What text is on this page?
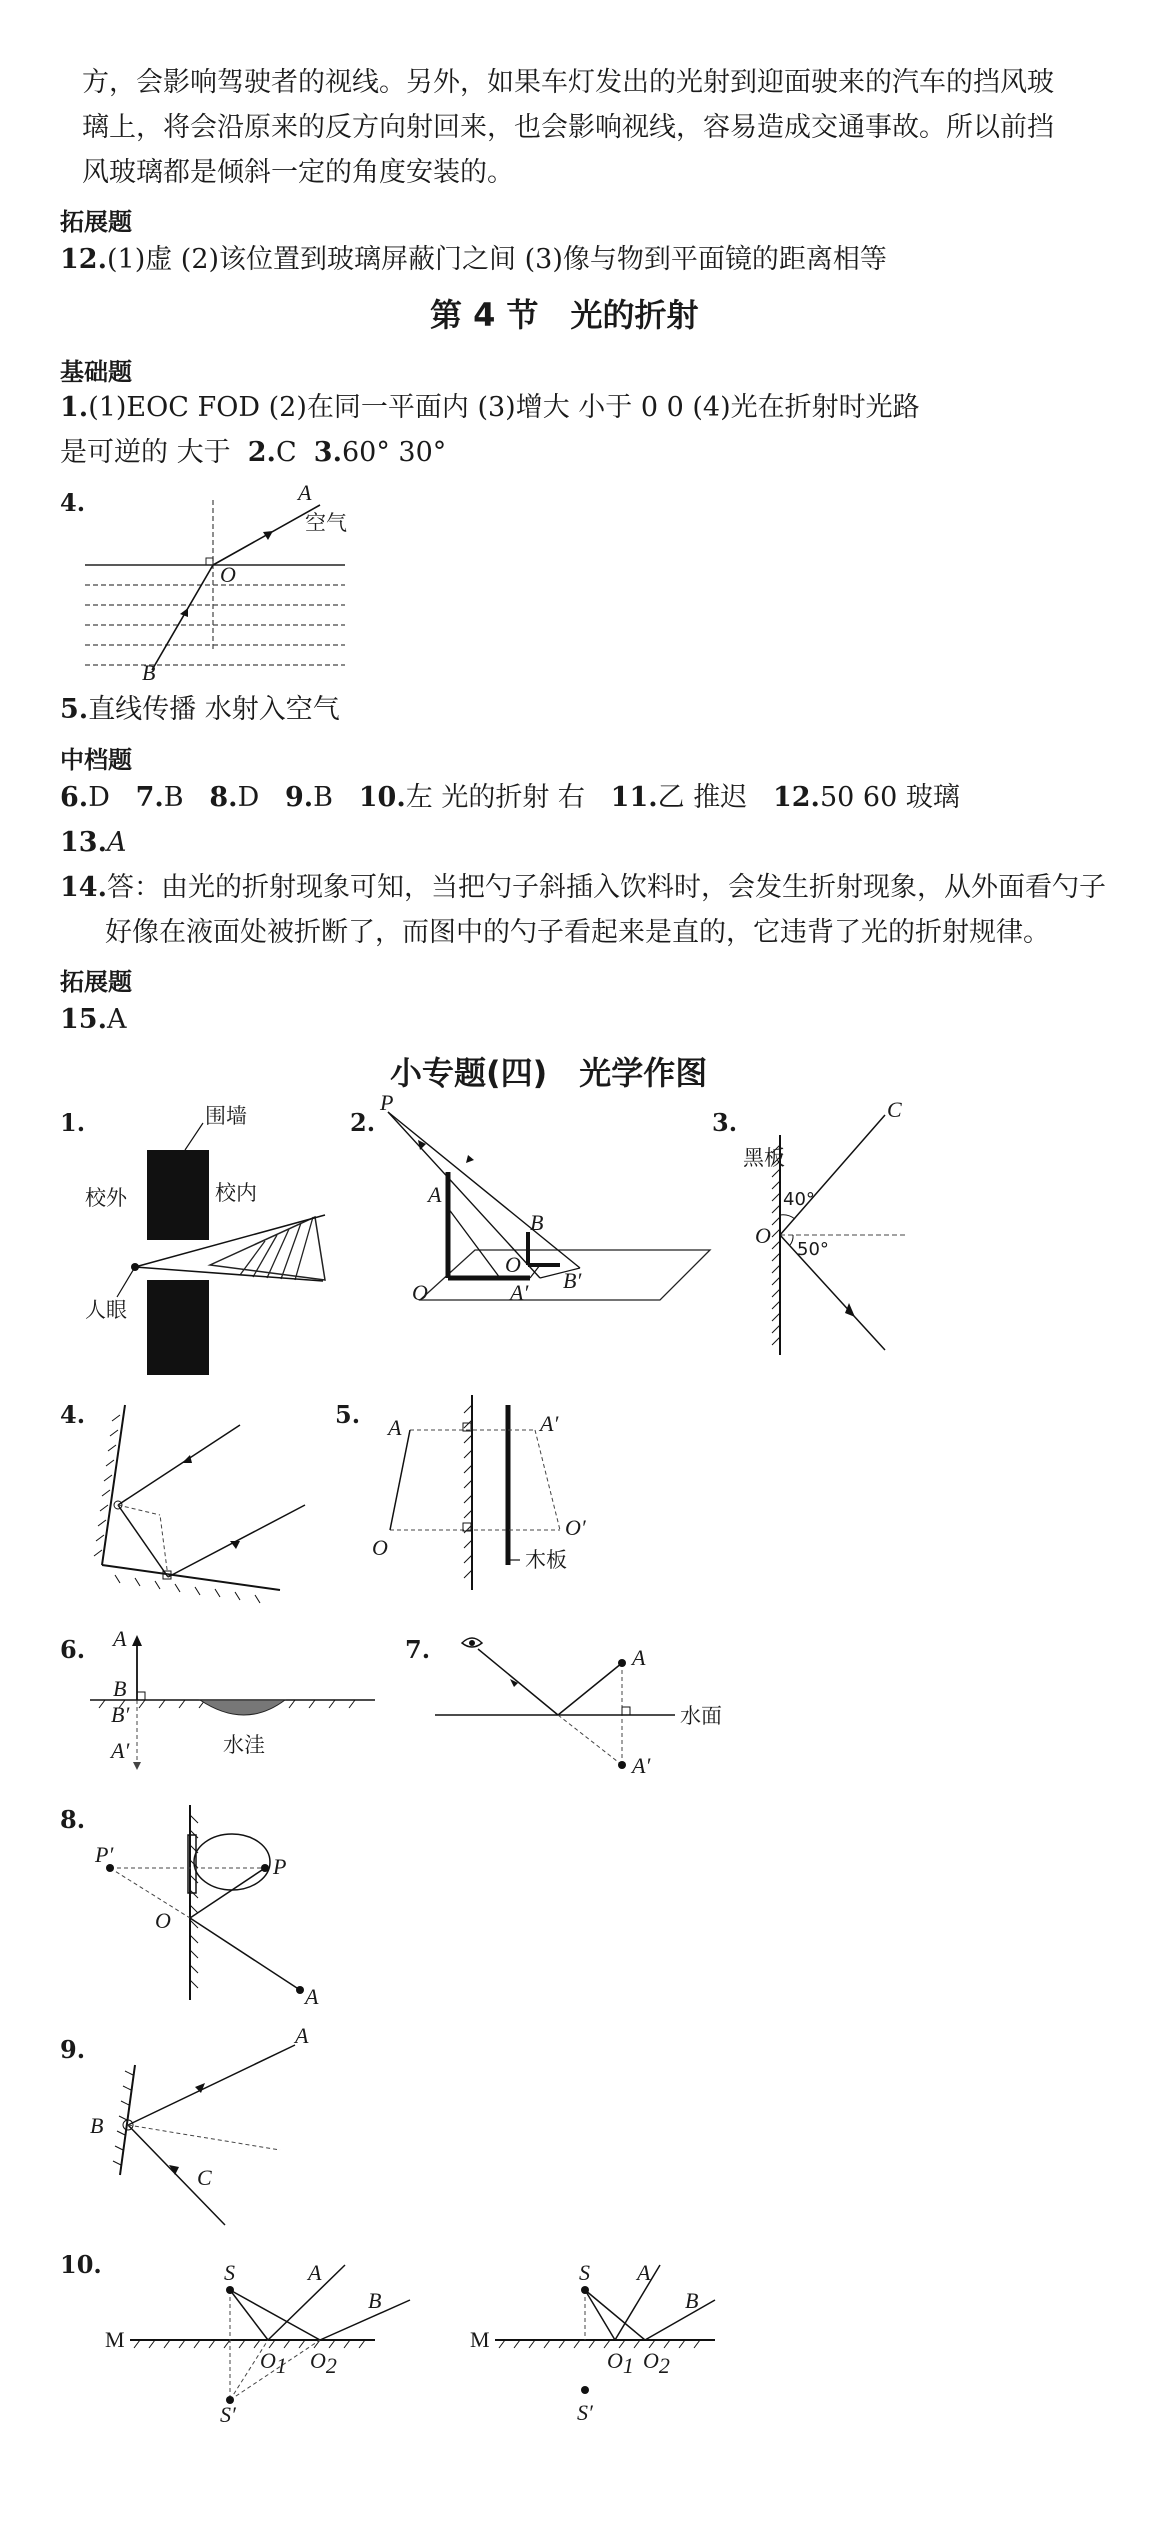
方，会影响驾驶者的视线。另外，如果车灯发出的光射到迎面驶来的汽车的挡风玻
璃上，将会沿原来的反方向射回来，也会影响视线，容易造成交通事故。所以前挡
风玻璃都是倾斜一定的角度安装的。
拓展题
12.(1)虚 (2)该位置到玻璃屏蔽门之间 (3)像与物到平面镜的距离相等
第 4 节　光的折射
基础题
1.(1)EOC FOD (2)在同一平面内 (3)增大 小于 0 0 (4)光在折射时光路
是可逆的 大于 2.C 3.60° 30°
4.	A
O
B
空气
5.直线传播 水射入空气
中档题
6.D 7.B 8.D 9.B 10.左 光的折射 右 11.乙 推迟 12.50 60 玻璃
13.A
14.答：由光的折射现象可知，当把勺子斜插入饮料时，会发生折射现象，从外面看勺子
好像在液面处被折断了，而图中的勺子看起来是直的，它违背了光的折射规律。
拓展题
15.A
小专题(四)　光学作图
1.	2.	3.
4.	5.
6.	7.
8.
9.
10.
围墙
校外	校内
人眼
P
A
B
O
O
A′ B′
C
O
黑板
40°
50°
A	A′
O
O′
木板
A
B
B′
A′	水洼
A
A′
水面
P′	P
O
A
A
B
C
M
S	A
B
O1 O2
S′
M
S A
B
O1 O2
S′
